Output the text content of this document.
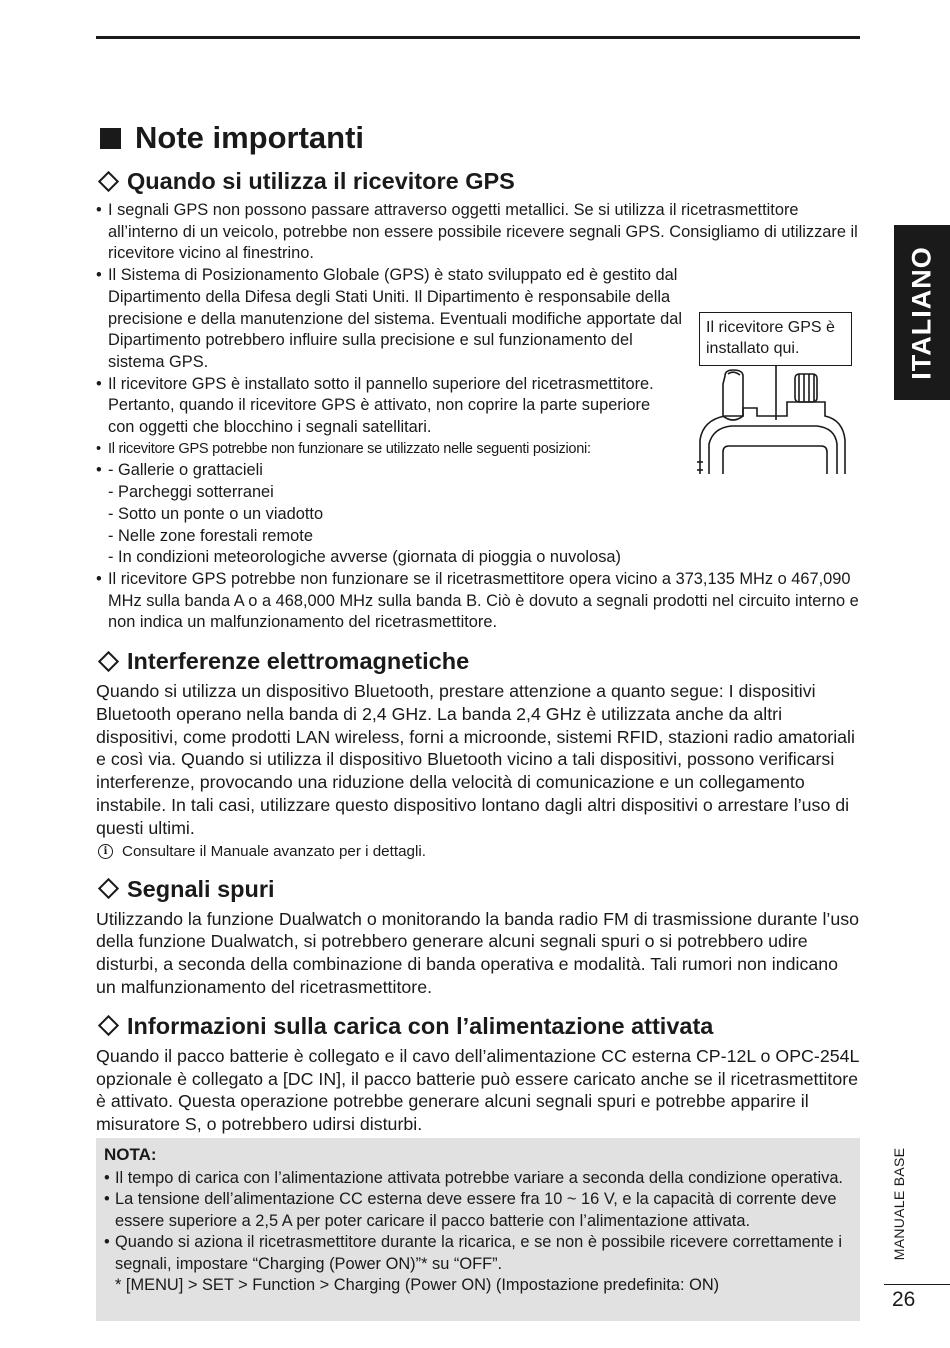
ITALIANO
Note importanti
Quando si utilizza il ricevitore GPS
• I segnali GPS non possono passare attraverso oggetti metallici. Se si utilizza il ricetrasmettitore all’interno di un veicolo, potrebbe non essere possibile ricevere segnali GPS. Consigliamo di utilizzare il ricevitore vicino al finestrino.
• Il Sistema di Posizionamento Globale (GPS) è stato sviluppato ed è gestito dal Dipartimento della Difesa degli Stati Uniti. Il Dipartimento è responsabile della precisione e della manutenzione del sistema. Eventuali modifiche apportate dal Dipartimento potrebbero influire sulla precisione e sul funzionamento del sistema GPS.
• Il ricevitore GPS è installato sotto il pannello superiore del ricetrasmettitore. Pertanto, quando il ricevitore GPS è attivato, non coprire la parte superiore con oggetti che blocchino i segnali satellitari.
• Il ricevitore GPS potrebbe non funzionare se utilizzato nelle seguenti posizioni:
• - Gallerie o grattacieli
- Parcheggi sotterranei
- Sotto un ponte o un viadotto
- Nelle zone forestali remote
- In condizioni meteorologiche avverse (giornata di pioggia o nuvolosa)
• Il ricevitore GPS potrebbe non funzionare se il ricetrasmettitore opera vicino a 373,135 MHz o 467,090 MHz sulla banda A o a 468,000 MHz sulla banda B. Ciò è dovuto a segnali prodotti nel circuito interno e non indica un malfunzionamento del ricetrasmettitore.
Interferenze elettromagnetiche

Quando si utilizza un dispositivo Bluetooth, prestare attenzione a quanto segue: I dispositivi Bluetooth operano nella banda di 2,4 GHz. La banda 2,4 GHz è utilizzata anche da altri dispositivi, come prodotti LAN wireless, forni a microonde, sistemi RFID, stazioni radio amatoriali e così via. Quando si utilizza il dispositivo Bluetooth vicino a tali dispositivi, possono verificarsi interferenze, provocando una riduzione della velocità di comunicazione e un collegamento instabile. In tali casi, utilizzare questo dispositivo lontano dagli altri dispositivi o arrestare l’uso di questi ultimi.

i Consultare il Manuale avanzato per i dettagli.
Segnali spuri

Utilizzando la funzione Dualwatch o monitorando la banda radio FM di trasmissione durante l’uso della funzione Dualwatch, si potrebbero generare alcuni segnali spuri o si potrebbero udire disturbi, a seconda della combinazione di banda operativa e modalità. Tali rumori non indicano un malfunzionamento del ricetrasmettitore.

Informazioni sulla carica con l’alimentazione attivata

Quando il pacco batterie è collegato e il cavo dell’alimentazione CC esterna CP-12L o OPC-254L opzionale è collegato a [DC IN], il pacco batterie può essere caricato anche se il ricetrasmettitore è attivato. Questa operazione potrebbe generare alcuni segnali spuri e potrebbe apparire il misuratore S, o potrebbero udirsi disturbi.

Il ricevitore GPS è installato qui.
NOTA:
• Il tempo di carica con l’alimentazione attivata potrebbe variare a seconda della condizione operativa.
• La tensione dell’alimentazione CC esterna deve essere fra 10 ~ 16 V, e la capacità di corrente deve essere superiore a 2,5 A per poter caricare il pacco batterie con l’alimentazione attivata.
• Quando si aziona il ricetrasmettitore durante la ricarica, e se non è possibile ricevere correttamente i segnali, impostare “Charging (Power ON)”* su “OFF”.
* [MENU] > SET > Function > Charging (Power ON) (Impostazione predefinita: ON)
MANUALE BASE
26
